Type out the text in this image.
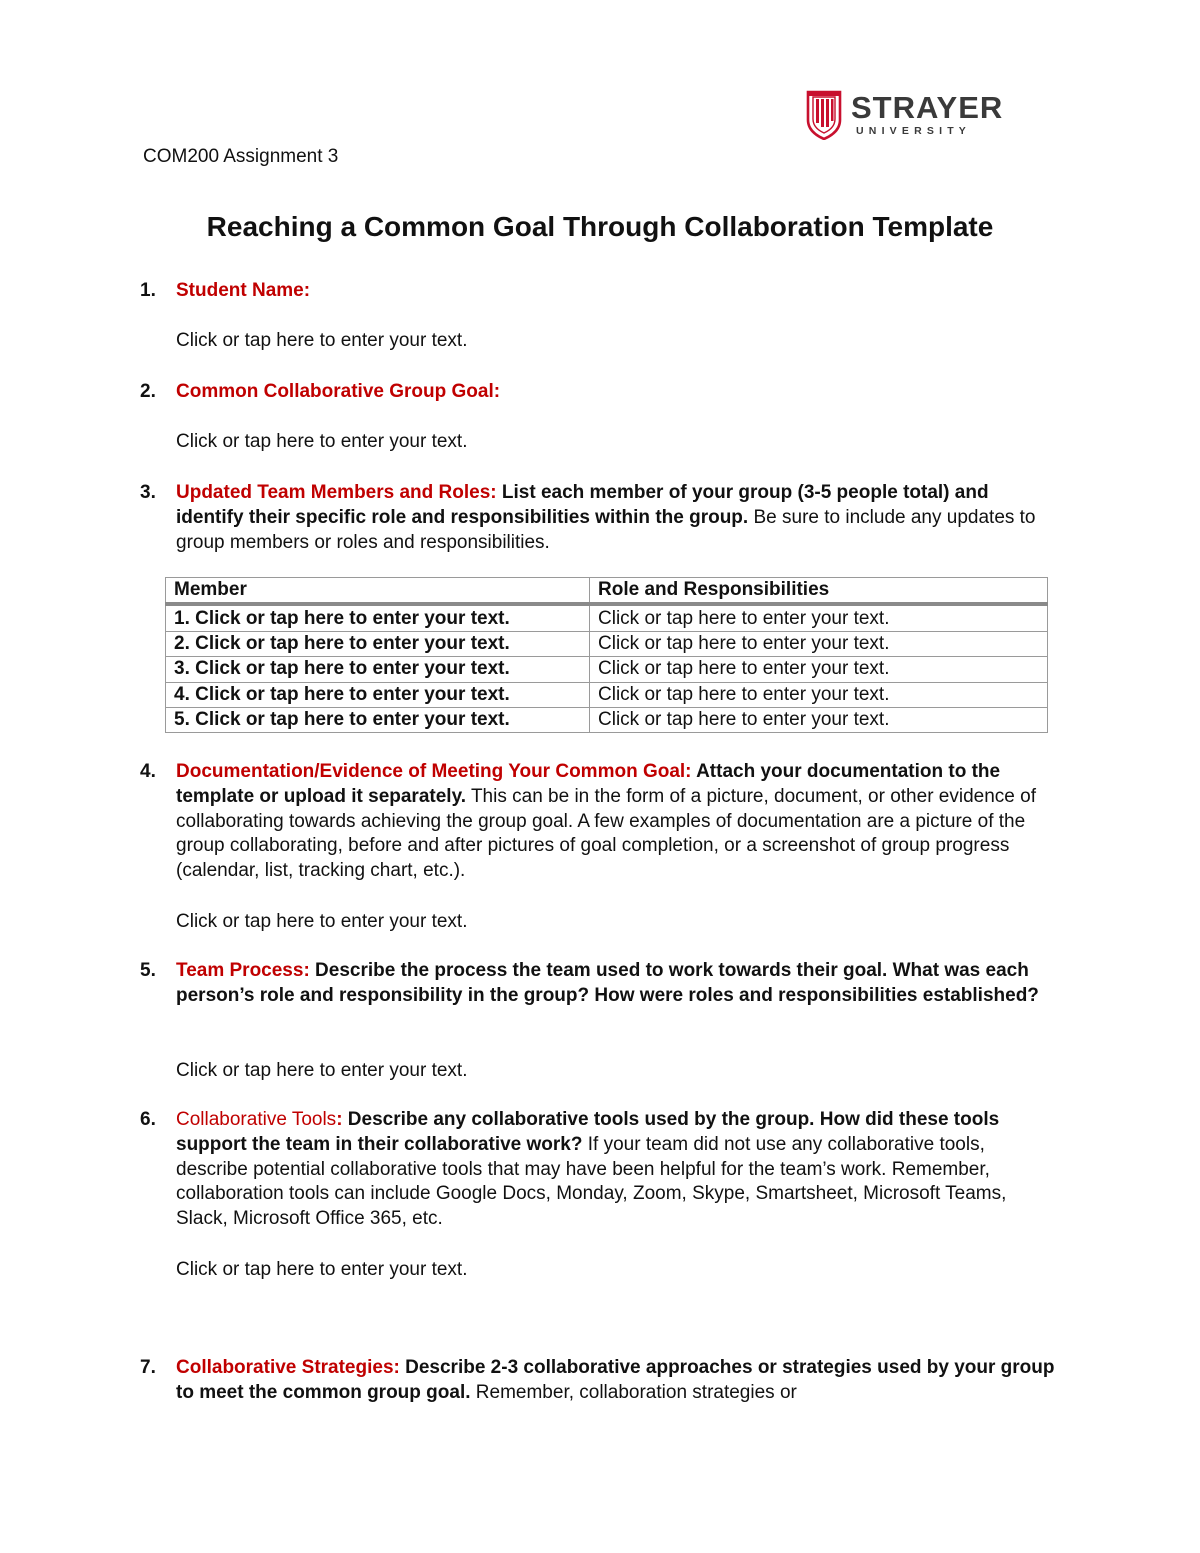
STRAYER
UNIVERSITY
COM200 Assignment 3
Reaching a Common Goal Through Collaboration Template
1. Student Name:
Click or tap here to enter your text.
2. Common Collaborative Group Goal:
Click or tap here to enter your text.
3. Updated Team Members and Roles: List each member of your group (3-5 people total) and identify their specific role and responsibilities within the group. Be sure to include any updates to group members or roles and responsibilities.
Member	Role and Responsibilities
1. Click or tap here to enter your text.	Click or tap here to enter your text.
2. Click or tap here to enter your text.	Click or tap here to enter your text.
3. Click or tap here to enter your text.	Click or tap here to enter your text.
4. Click or tap here to enter your text.	Click or tap here to enter your text.
5. Click or tap here to enter your text.	Click or tap here to enter your text.
4. Documentation/Evidence of Meeting Your Common Goal: Attach your documentation to the template or upload it separately. This can be in the form of a picture, document, or other evidence of collaborating towards achieving the group goal. A few examples of documentation are a picture of the group collaborating, before and after pictures of goal completion, or a screenshot of group progress (calendar, list, tracking chart, etc.).
Click or tap here to enter your text.
5. Team Process: Describe the process the team used to work towards their goal. What was each person’s role and responsibility in the group? How were roles and responsibilities established?
Click or tap here to enter your text.
6. Collaborative Tools: Describe any collaborative tools used by the group. How did these tools support the team in their collaborative work? If your team did not use any collaborative tools, describe potential collaborative tools that may have been helpful for the team’s work. Remember, collaboration tools can include Google Docs, Monday, Zoom, Skype, Smartsheet, Microsoft Teams, Slack, Microsoft Office 365, etc.
Click or tap here to enter your text.
7. Collaborative Strategies: Describe 2-3 collaborative approaches or strategies used by your group to meet the common group goal. Remember, collaboration strategies or
